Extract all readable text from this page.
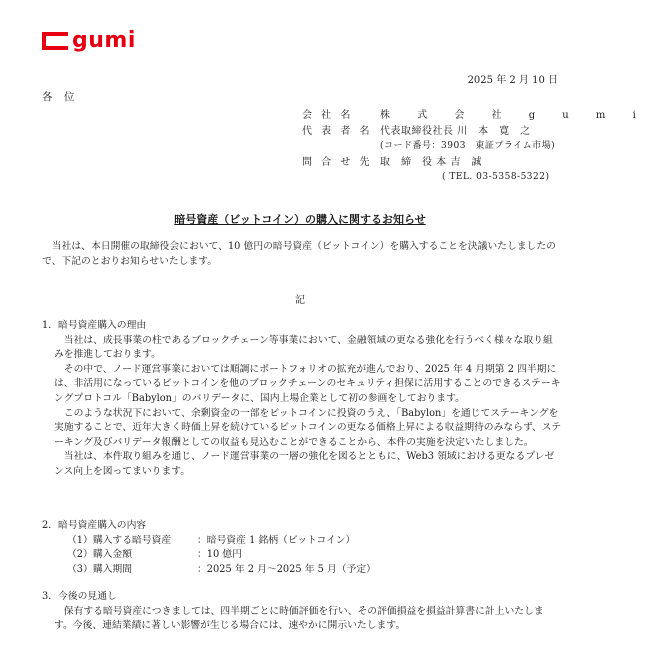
gumi
2025 年 2 月 10 日
各 位
会 社 名	株 式 会 社 g u m i
代 表 者 名 代表取締役社長 川　本　寛　之
(コード番号：3903　東証プライム市場)
問 合 せ 先 取　締　役 本 吉　誠
( TEL. 03-5358-5322)
暗号資産（ビットコイン）の購入に関するお知らせ
当社は、本日開催の取締役会において、10 億円の暗号資産（ビットコイン）を購入することを決議いたしましたので、下記のとおりお知らせいたします。
記

1．暗号資産購入の理由

当社は、成長事業の柱であるブロックチェーン等事業において、金融領域の更なる強化を行うべく様々な取り組みを推進しております。

その中で、ノード運営事業においては順調にポートフォリオの拡充が進んでおり、2025 年 4 月期第 2 四半期には、非活用になっているビットコインを他のブロックチェーンのセキュリティ担保に活用することのできるステーキングプロトコル「Babylon」のバリデータに、国内上場企業として初の参画をしております。

このような状況下において、余剰資金の一部をビットコインに投資のうえ、「Babylon」を通じてステーキングを実施することで、近年大きく時価上昇を続けているビットコインの更なる価格上昇による収益期待のみならず、ステーキング及びバリデータ報酬としての収益も見込むことができることから、本件の実施を決定いたしました。

当社は、本件取り組みを通じ、ノード運営事業の一層の強化を図るとともに、Web3 領域における更なるプレゼンス向上を図ってまいります。

2．暗号資産購入の内容

（1）購入する暗号資産	：暗号資産 1 銘柄（ビットコイン）
（2）購入金額	：10 億円
（3）購入期間	：2025 年 2 月～2025 年 5 月（予定）

3．今後の見通し

保有する暗号資産につきましては、四半期ごとに時価評価を行い、その評価損益を損益計算書に計上いたします。今後、連結業績に著しい影響が生じる場合には、速やかに開示いたします。
